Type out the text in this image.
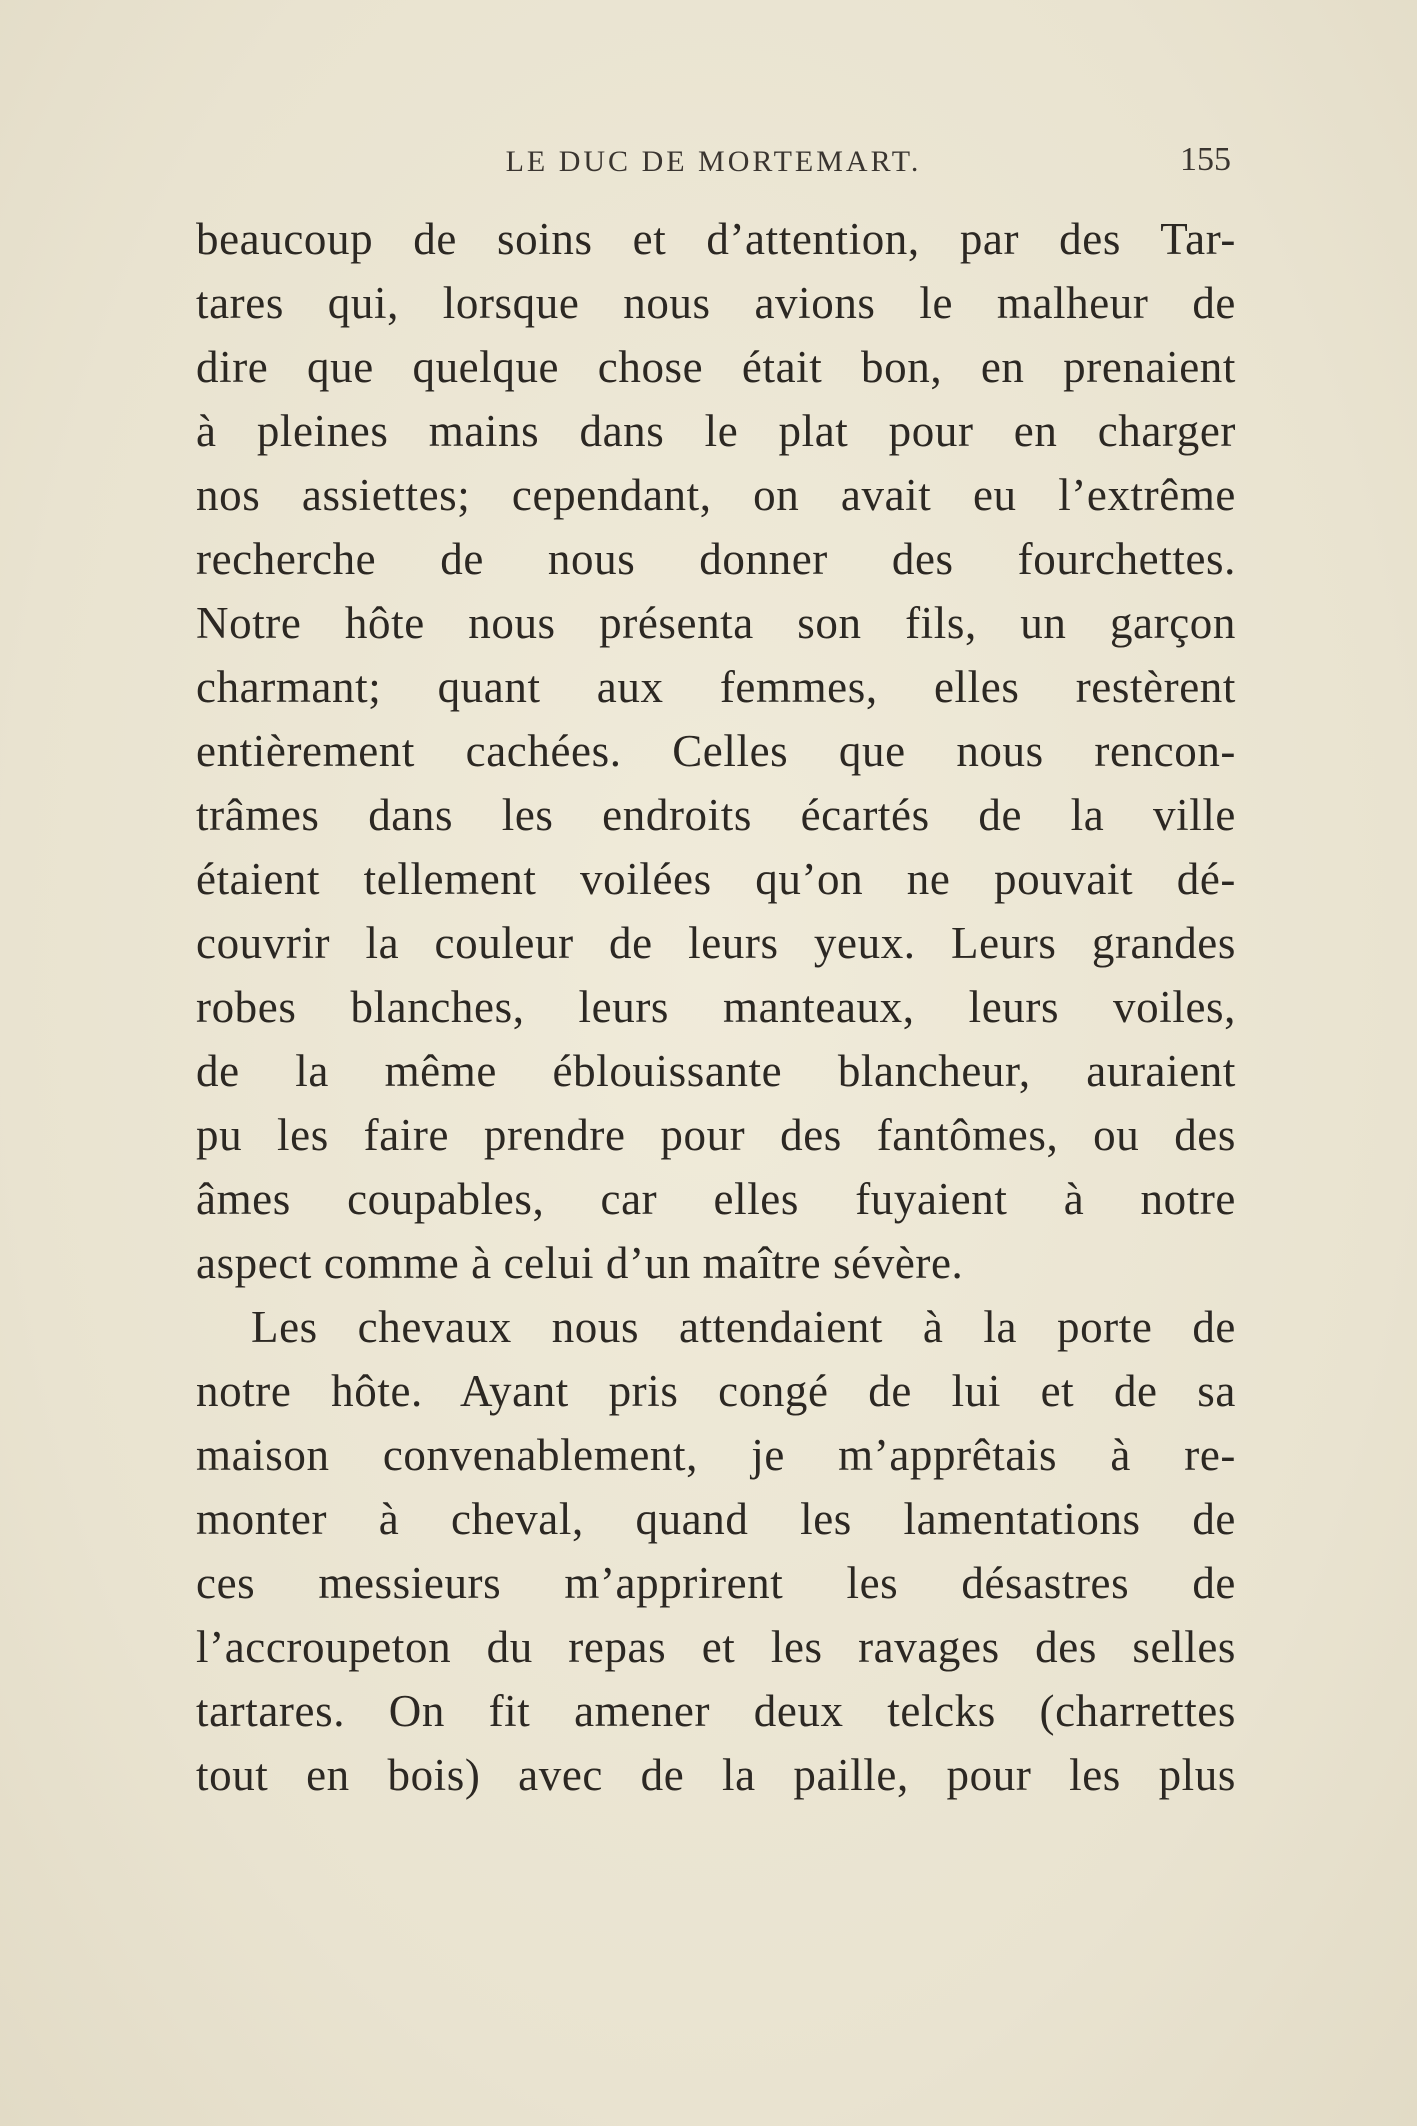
LE DUC DE MORTEMART.	155
beaucoup de soins et d’attention, par des Tar-
tares qui, lorsque nous avions le malheur de
dire que quelque chose était bon, en prenaient
à pleines mains dans le plat pour en charger
nos assiettes; cependant, on avait eu l’extrême
recherche de nous donner des fourchettes.
Notre hôte nous présenta son fils, un garçon
charmant; quant aux femmes, elles restèrent
entièrement cachées. Celles que nous rencon-
trâmes dans les endroits écartés de la ville
étaient tellement voilées qu’on ne pouvait dé-
couvrir la couleur de leurs yeux. Leurs grandes
robes blanches, leurs manteaux, leurs voiles,
de la même éblouissante blancheur, auraient
pu les faire prendre pour des fantômes, ou des
âmes coupables, car elles fuyaient à notre
aspect comme à celui d’un maître sévère.
Les chevaux nous attendaient à la porte de
notre hôte. Ayant pris congé de lui et de sa
maison convenablement, je m’apprêtais à re-
monter à cheval, quand les lamentations de
ces messieurs m’apprirent les désastres de
l’accroupeton du repas et les ravages des selles
tartares. On fit amener deux telcks (charrettes
tout en bois) avec de la paille, pour les plus
